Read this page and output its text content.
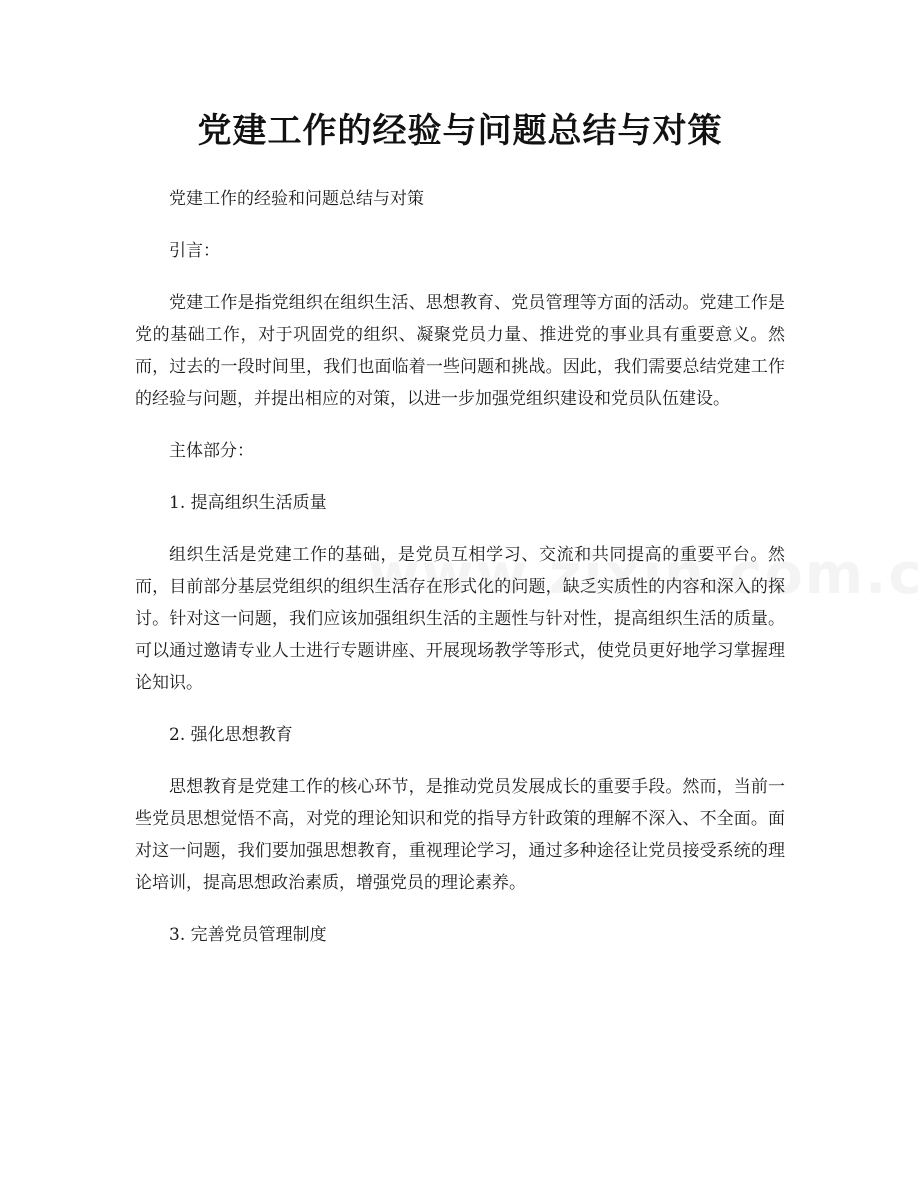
党建工作的经验与问题总结与对策

党建工作的经验和问题总结与对策

引言：

党建工作是指党组织在组织生活、思想教育、党员管理等方面的活动。党建工作是党的基础工作，对于巩固党的组织、凝聚党员力量、推进党的事业具有重要意义。然而，过去的一段时间里，我们也面临着一些问题和挑战。因此，我们需要总结党建工作的经验与问题，并提出相应的对策，以进一步加强党组织建设和党员队伍建设。

主体部分：

1. 提高组织生活质量

组织生活是党建工作的基础，是党员互相学习、交流和共同提高的重要平台。然而，目前部分基层党组织的组织生活存在形式化的问题，缺乏实质性的内容和深入的探讨。针对这一问题，我们应该加强组织生活的主题性与针对性，提高组织生活的质量。可以通过邀请专业人士进行专题讲座、开展现场教学等形式，使党员更好地学习掌握理论知识。

2. 强化思想教育

思想教育是党建工作的核心环节，是推动党员发展成长的重要手段。然而，当前一些党员思想觉悟不高，对党的理论知识和党的指导方针政策的理解不深入、不全面。面对这一问题，我们要加强思想教育，重视理论学习，通过多种途径让党员接受系统的理论培训，提高思想政治素质，增强党员的理论素养。

3. 完善党员管理制度
